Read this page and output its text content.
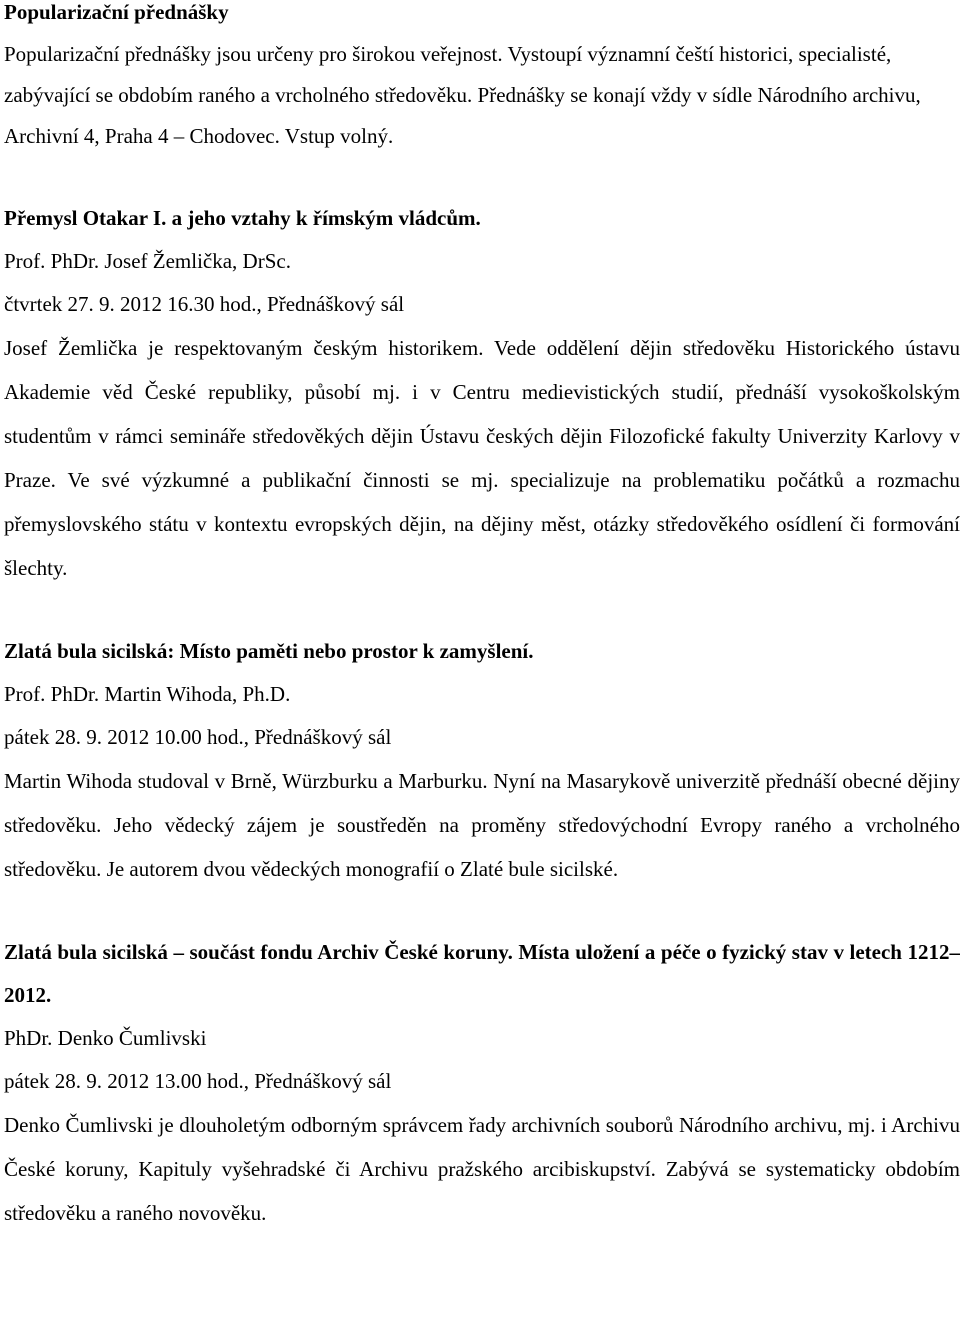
Popularizační přednášky

Popularizační přednášky jsou určeny pro širokou veřejnost. Vystoupí významní čeští historici, specialisté, zabývající se obdobím raného a vrcholného středověku. Přednášky se konají vždy v sídle Národního archivu, Archivní 4, Praha 4 – Chodovec. Vstup volný.

Přemysl Otakar I. a jeho vztahy k římským vládcům.

Prof. PhDr. Josef Žemlička, DrSc.

čtvrtek 27. 9. 2012 16.30 hod., Přednáškový sál

Josef Žemlička je respektovaným českým historikem. Vede oddělení dějin středověku Historického ústavu Akademie věd České republiky, působí mj. i v Centru medievistických studií, přednáší vysokoškolským studentům v rámci semináře středověkých dějin Ústavu českých dějin Filozofické fakulty Univerzity Karlovy v Praze. Ve své výzkumné a publikační činnosti se mj. specializuje na problematiku počátků a rozmachu přemyslovského státu v kontextu evropských dějin, na dějiny měst, otázky středověkého osídlení či formování šlechty.

Zlatá bula sicilská: Místo paměti nebo prostor k zamyšlení.

Prof. PhDr. Martin Wihoda, Ph.D.

pátek 28. 9. 2012 10.00 hod., Přednáškový sál

Martin Wihoda studoval v Brně, Würzburku a Marburku. Nyní na Masarykově univerzitě přednáší obecné dějiny středověku. Jeho vědecký zájem je soustředěn na proměny středovýchodní Evropy raného a vrcholného středověku. Je autorem dvou vědeckých monografií o Zlaté bule sicilské.

Zlatá bula sicilská – součást fondu Archiv České koruny. Místa uložení a péče o fyzický stav v letech 1212–2012.

PhDr. Denko Čumlivski

pátek 28. 9. 2012 13.00 hod., Přednáškový sál

Denko Čumlivski je dlouholetým odborným správcem řady archivních souborů Národního archivu, mj. i Archivu České koruny, Kapituly vyšehradské či Archivu pražského arcibiskupství. Zabývá se systematicky obdobím středověku a raného novověku.
